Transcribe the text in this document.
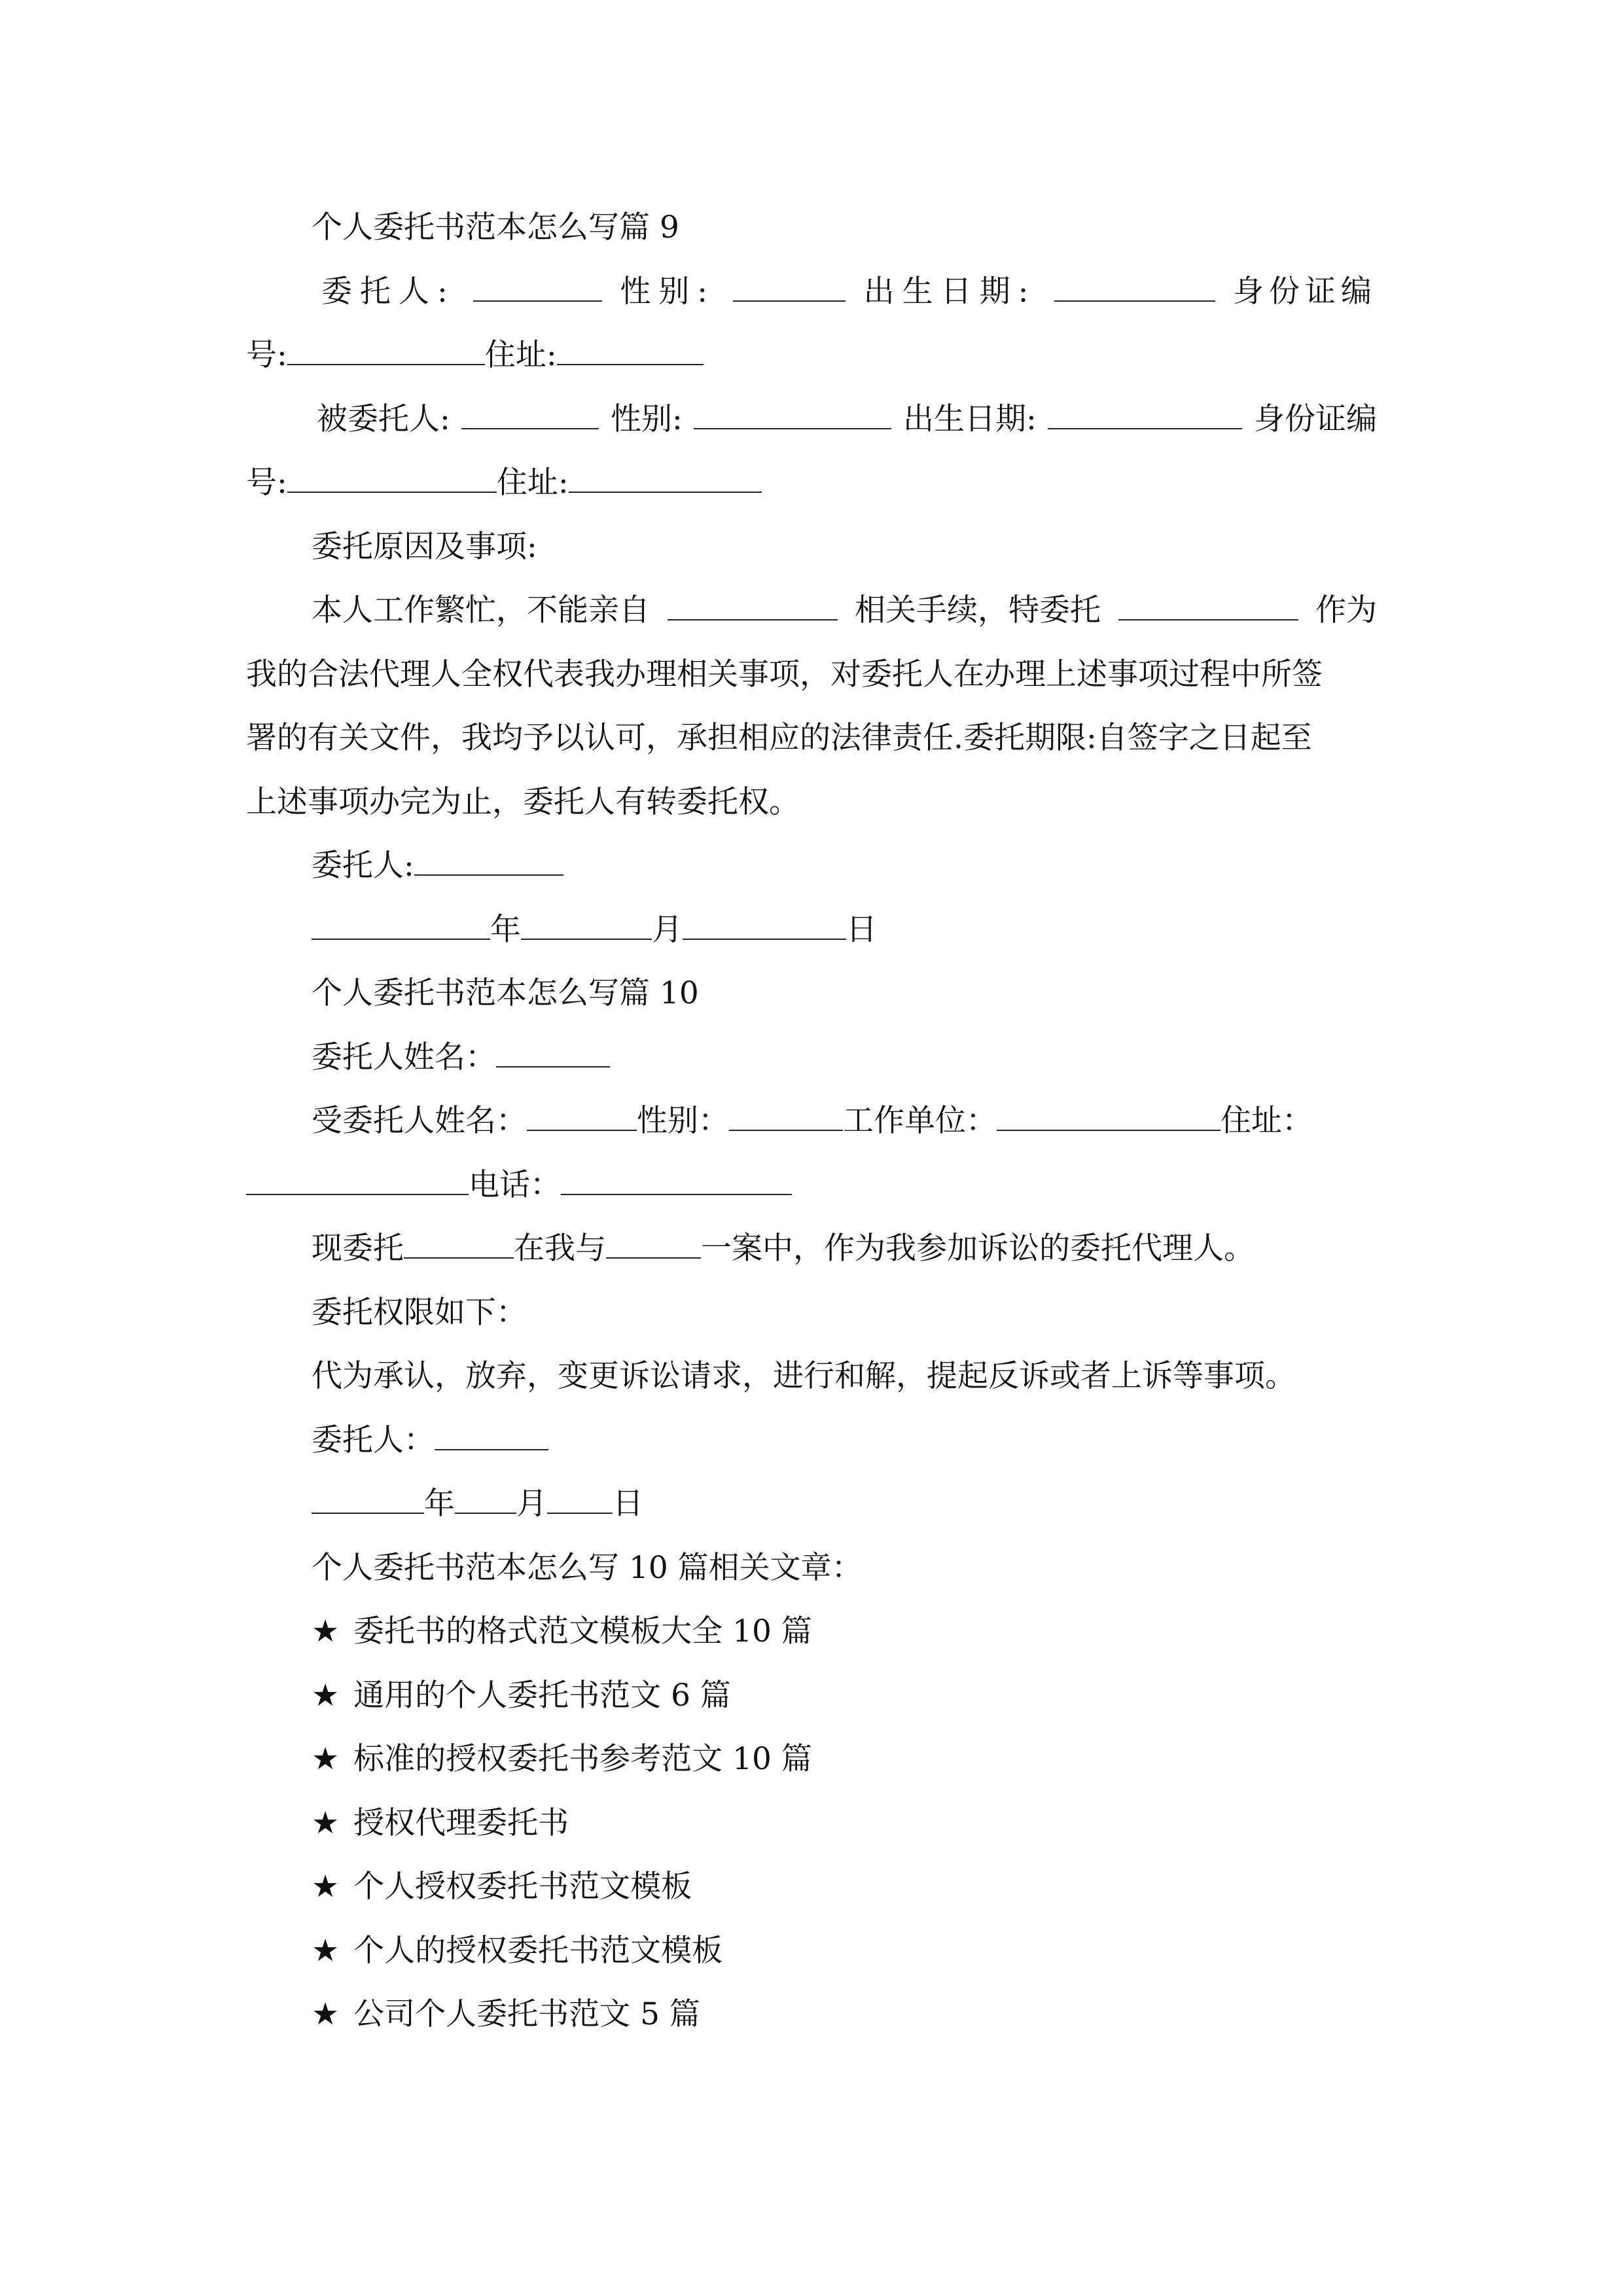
个人委托书范本怎么写篇 9
委托人:	性别:	出生日期:	身份证编
号:	住址:
被委托人:	性别:	出生日期:	身份证编
号:	住址:
委托原因及事项:
本人工作繁忙，不能亲自	相关手续，特委托	作为
我的合法代理人全权代表我办理相关事项，对委托人在办理上述事项过程中所签
署的有关文件，我均予以认可，承担相应的法律责任.委托期限:自签字之日起至
上述事项办完为止，委托人有转委托权。
委托人:
年	月	日
个人委托书范本怎么写篇 10
委托人姓名：
受委托人姓名：	性别：	工作单位：	住址：
电话：
现委托	在我与	一案中，作为我参加诉讼的委托代理人。
委托权限如下：
代为承认，放弃，变更诉讼请求，进行和解，提起反诉或者上诉等事项。
委托人：
年 月 日
个人委托书范本怎么写 10 篇相关文章：
★ 委托书的格式范文模板大全 10 篇
★ 通用的个人委托书范文 6 篇
★ 标准的授权委托书参考范文 10 篇
★ 授权代理委托书
★ 个人授权委托书范文模板
★ 个人的授权委托书范文模板
★ 公司个人委托书范文 5 篇
